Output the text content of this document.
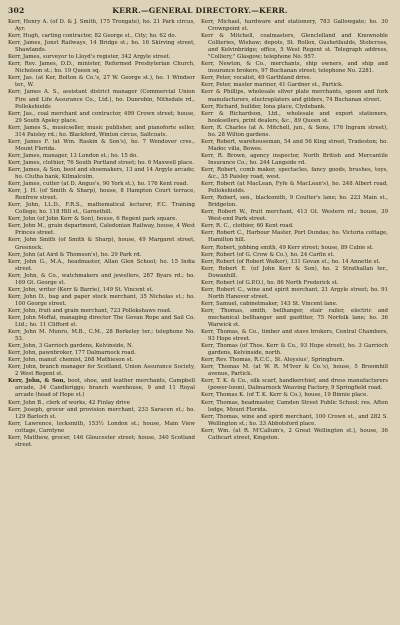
302	KERR.—GENERAL DIRECTORY.—KERR.

Kerr, Henry A. (of D. & J. Smith, 175 Trongate), ho. 21 Park circus, Ayr.

Kerr, Hugh, carting contractor, 82 George st., City; ho. 62 do.

Kerr, James, Jonst Railways, 14 Bridge st.; ho. 16 Skirving street, Shawlands.

Kerr, James, surveyor to Lloyd's register, 342 Argyle street.

Kerr, Rev. James, D.D., minister, Reformed Presbyterian Church, Nicholson st.; ho. 19 Queen sq.

Kerr, Jas. (at Ker, Bolton & Co.'s, 27 W. George st.), ho. 1 Windsor ter., W.

Kerr, James A. S., assistant district manager (Commercial Union Fire and Life Assurance Co., Ltd.), ho. Dunrobin, Nithsdale rd., Pollokshields

Kerr, Jas., coal merchant and contractor, 499 Crown street; house, 29 South Apsley place.

Kerr, James S., musicseller, music publisher, and pianoforte seller, 314 Paisley rd.; ho. Blackford, Winton circus, Saltcoats.

Kerr, James F. (at Wm. Raskin & Son's), ho. 7 Wendover cres., Mount Florida.

Kerr, James, manager, 13 London st.; ho. 15 do.

Kerr, James, clothier, 76 South Portland street; ho. 6 Maxwell place.

Kerr, James, & Son, boot and shoemakers, 13 and 14 Argyle arcade; ho. Clutha bank, Kilmalcolm.

Kerr, James, cutter (at D. Angus's, 90 York st.), ho. 176 Kent road.

Kerr, J. H. (of Smith & Sharp), house, 8 Hampton Court terrace, Renfrew street.

Kerr, John, LL.D., F.R.S., mathematical lecturer, F.C. Training College; ho. 118 Hill st., Garnethill.

Kerr, John (of John Kerr & Son), house, 6 Regent park square.

Kerr, John M., grain department, Caledonian Railway, house, 4 West Princes street.

Kerr, John Smith (of Smith & Sharp), house, 49 Margaret street, Greenock.

Kerr, John (at Aird & Thomson's), ho. 29 Park rd.

Kerr, John G., M.A., headmaster, Allan Glen School; ho. 15 India street.

Kerr, John, & Co., watchmakers and jewellers, 287 Byars rd.; ho. 169 Gt. George st.

Kerr, John, writer (Kerr & Barrie), 149 St. Vincent st.

Kerr, John D., bag and paper stock merchant, 35 Nicholas st.; ho. 100 George street.

Kerr, John, fruit and grain merchant, 723 Pollokshaws road.

Kerr, John Moffat, managing director The Govan Rope and Sail Co. Ltd.; ho. 11 Clifford st.

Kerr, John M. Munro, M.B., C.M., 28 Berkeley ter.; telephone No. 53.

Kerr, John, 3 Garrioch gardens, Kelvinside, N.

Kerr, John, pawnbroker, 177 Dalmarnock road.

Kerr, John, manuf. chemist, 268 Mathieson st.

Kerr, John, branch manager for Scotland, Union Assurance Society, 2 West Regent st.

Kerr, John, & Son, boot, shoe, and leather merchants, Campbell arcade, 34 Candleriggs; branch warehouse, 9 and 11 Royal arcade (head of Hope st.)

Kerr, John B., clerk of works, 42 Finlay drive

Kerr, Joseph, grocer and provision merchant, 233 Saracen st.; ho. 129 Barloch st.

Kerr, Lawrence, locksmith, 153½ London st.; house, Main View cottage, Carntyne

Kerr, Matthew, grocer, 146 Gloucester street; house, 340 Scotland street.

Kerr, Michael, hardware and stationery, 783 Gallowgate; ho. 30 Crownpoint st.

Kerr & Mitchell, coalmasters, Glenclelland and Knownoble Collieries, Wishaw; depots, St. Rollox, Gushetfaulds, Stobcross, and Kelvinbridge; office, 5 West Regent st. Telegraph address, "Colliery," Glasgow; telephone No. 957.

Kerr, Newton, & Co., merchants, ship owners, and ship and insurance brokers, 97 Buchanan street; telephone No. 2281.

Kerr, Peter, vocalist, 49 Garthland drive.

Kerr, Peter, master mariner, 41 Gardner st., Partick.

Kerr & Phillips, wholesale silver plate merchants, spoon and fork manufacturers, electroplaters and gilders, 74 Buchanan street.

Kerr, Richard, builder, Iona place, Clydebank.

Kerr & Richardson, Ltd., wholesale and export stationers, booksellers, print dealers, &c., 89 Queen st.

Kerr, R. Charles (at A. Mitchell, jun., & Sons, 176 Ingram street), ho. 28 Wilton gardens.

Kerr, Robert, warehouseman, 54 and 56 King street, Tradeston; ho. Madoc villa, Bowes.

Kerr, R. Brown, agency inspector, North British and Mercantile Insurance Co.; ho. 244 Langside rd.

Kerr, Robert, comb maker, spectacles, fancy goods, brushes, toys, &c., 35 Paisley road, west.

Kerr, Robert (at MacLean, Fyfe & MacLean's), ho. 248 Albert road, Pollokshields.

Kerr, Robert, sen., blacksmith, 9 Coulter's lane; ho. 223 Main st., Bridgeton.

Kerr, Robert W., fruit merchant, 413 Gt. Western rd.; house, 39 West-end Park street.

Kerr, R. C., clothier, 60 Kent road.

Kerr, Robert C., Harbour Master, Port Dundas; ho. Victoria cottage, Hamilton hill.

Kerr, Robert, jobbing smith, 49 Kerr street; house, 89 Cubie st.

Kerr, Robert (of G. Crow & Co.), ho. 24 Carfin st.

Kerr, Robert (of Robert Walker), 131 Govan st.; ho. 14 Annette st.

Kerr, Robert E. (of John Kerr & Son), ho. 2 Strathallan ter., Dowanhill.

Kerr, Robert (of G.P.O.), ho. 86 North Frederick st.

Kerr, Robert C., wine and spirit merchant, 21 Argyle street; ho. 91 North Hanover street.

Kerr, Samuel, cabinetmaker, 143 St. Vincent lane.

Kerr, Thomas, smith, bellhanger, stair railer, electric and mechanical bellhanger and gasfitter, 75 Norfolk lane; ho. 36 Warwick st.

Kerr, Thomas, & Co., timber and stave brokers, Central Chambers, 93 Hope street.

Kerr, Thomas (of Thos. Kerr & Co., 93 Hope street), ho. 3 Garrioch gardens, Kelvinside, north.

Kerr, Rev. Thomas, R.C.C., St. Aloysius', Springburn.

Kerr, Thomas M. (at W. R. M'Iver & Co.'s), house, 5 Broomhill avenue, Partick.

Kerr, T. K. & Co., silk scarf, handkerchief, and dress manufacturers (power-loom), Dalmarnock Weaving Factory, 9 Springfield road.

Kerr, Thomas K. (of T. K. Kerr & Co.), house, 19 Binnie place.

Kerr, Thomas, headmaster, Camden Street Public School; res. Afton lodge, Mount Florida.

Kerr, Thomas, wine and spirit merchant, 100 Crown st., and 282 S. Wellington st.; ho. 33 Abbotsford place.

Kerr, Wm. (at R. M'Callum's, 2 Great Wellington st.), house, 36 Cathcart street, Kingston.
